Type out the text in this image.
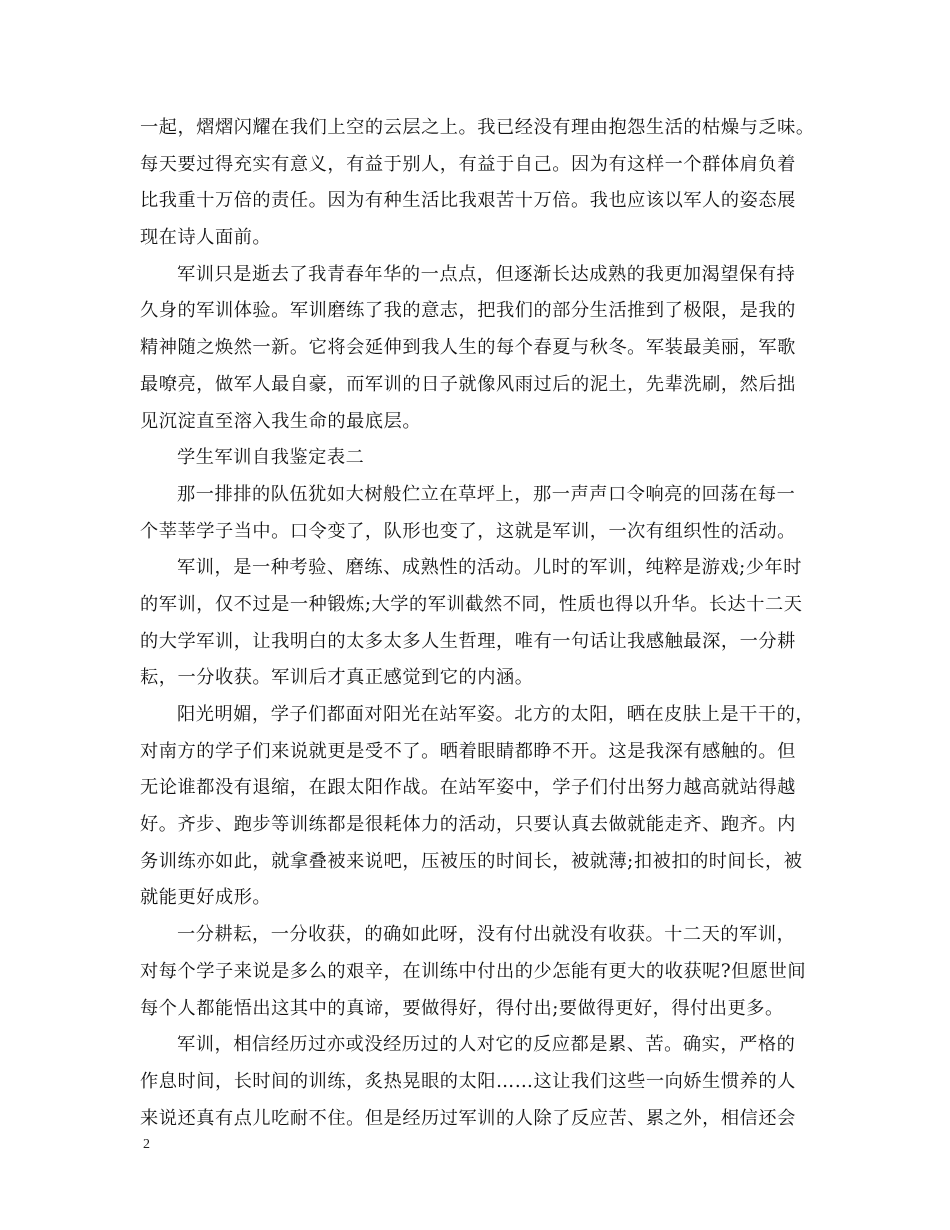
一起，熠熠闪耀在我们上空的云层之上。我已经没有理由抱怨生活的枯燥与乏味。
每天要过得充实有意义，有益于别人，有益于自己。因为有这样一个群体肩负着
比我重十万倍的责任。因为有种生活比我艰苦十万倍。我也应该以军人的姿态展
现在诗人面前。
军训只是逝去了我青春年华的一点点，但逐渐长达成熟的我更加渴望保有持
久身的军训体验。军训磨练了我的意志，把我们的部分生活推到了极限，是我的
精神随之焕然一新。它将会延伸到我人生的每个春夏与秋冬。军装最美丽，军歌
最嘹亮，做军人最自豪，而军训的日子就像风雨过后的泥土，先辈洗刷，然后拙
见沉淀直至溶入我生命的最底层。
学生军训自我鉴定表二
那一排排的队伍犹如大树般伫立在草坪上，那一声声口令响亮的回荡在每一
个莘莘学子当中。口令变了，队形也变了，这就是军训，一次有组织性的活动。
军训，是一种考验、磨练、成熟性的活动。儿时的军训，纯粹是游戏;少年时
的军训，仅不过是一种锻炼;大学的军训截然不同，性质也得以升华。长达十二天
的大学军训，让我明白的太多太多人生哲理，唯有一句话让我感触最深，一分耕
耘，一分收获。军训后才真正感觉到它的内涵。
阳光明媚，学子们都面对阳光在站军姿。北方的太阳，晒在皮肤上是干干的，
对南方的学子们来说就更是受不了。晒着眼睛都睁不开。这是我深有感触的。但
无论谁都没有退缩，在跟太阳作战。在站军姿中，学子们付出努力越高就站得越
好。齐步、跑步等训练都是很耗体力的活动，只要认真去做就能走齐、跑齐。内
务训练亦如此，就拿叠被来说吧，压被压的时间长，被就薄;扣被扣的时间长，被
就能更好成形。
一分耕耘，一分收获，的确如此呀，没有付出就没有收获。十二天的军训，
对每个学子来说是多么的艰辛，在训练中付出的少怎能有更大的收获呢?但愿世间
每个人都能悟出这其中的真谛，要做得好，得付出;要做得更好，得付出更多。
军训，相信经历过亦或没经历过的人对它的反应都是累、苦。确实，严格的
作息时间，长时间的训练，炙热晃眼的太阳……这让我们这些一向娇生惯养的人
来说还真有点儿吃耐不住。但是经历过军训的人除了反应苦、累之外，相信还会
2
